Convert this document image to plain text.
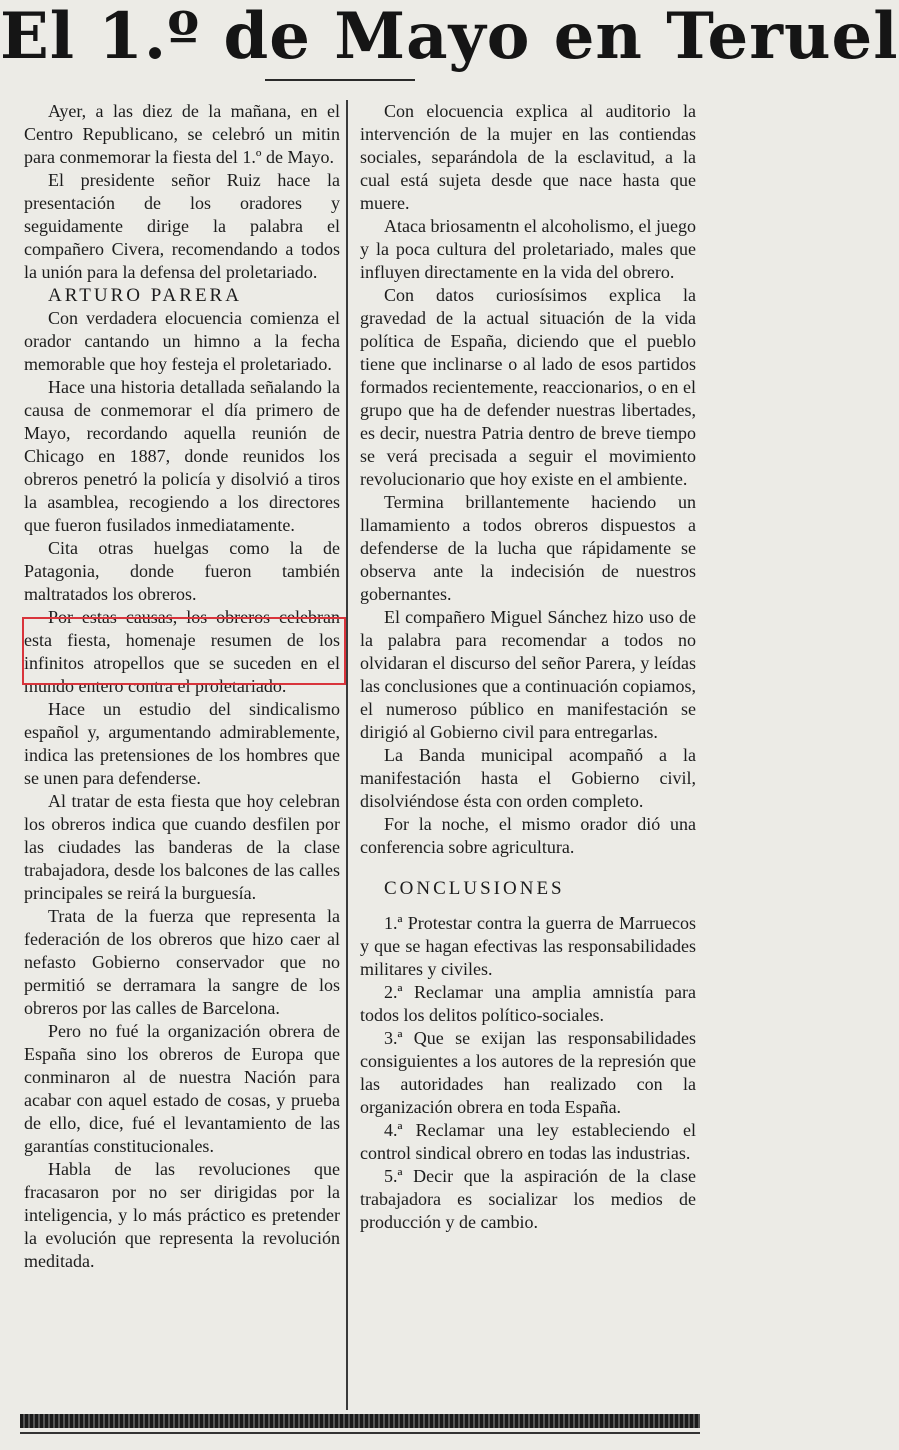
El 1.º de Mayo en Teruel

Ayer, a las diez de la mañana, en el Centro Republicano, se celebró un mitin para conmemorar la fiesta del 1.º de Mayo.

El presidente señor Ruiz hace la presentación de los oradores y seguidamente dirige la palabra el compañero Civera, recomendando a todos la unión para la defensa del proletariado.

ARTURO PARERA

Con verdadera elocuencia comienza el orador cantando un himno a la fecha memorable que hoy festeja el proletariado.

Hace una historia detallada señalando la causa de conmemorar el día primero de Mayo, recordando aquella reunión de Chicago en 1887, donde reunidos los obreros penetró la policía y disolvió a tiros la asamblea, recogiendo a los directores que fueron fusilados inmediatamente.

Cita otras huelgas como la de Patagonia, donde fueron también maltratados los obreros.

Por estas causas, los obreros celebran esta fiesta, homenaje resumen de los infinitos atropellos que se suceden en el mundo entero contra el proletariado.

Hace un estudio del sindicalismo español y, argumentando admirablemente, indica las pretensiones de los hombres que se unen para defenderse.

Al tratar de esta fiesta que hoy celebran los obreros indica que cuando desfilen por las ciudades las banderas de la clase trabajadora, desde los balcones de las calles principales se reirá la burguesía.

Trata de la fuerza que representa la federación de los obreros que hizo caer al nefasto Gobierno conservador que no permitió se derramara la sangre de los obreros por las calles de Barcelona.

Pero no fué la organización obrera de España sino los obreros de Europa que conminaron al de nuestra Nación para acabar con aquel estado de cosas, y prueba de ello, dice, fué el levantamiento de las garantías constitucionales.

Habla de las revoluciones que fracasaron por no ser dirigidas por la inteligencia, y lo más práctico es pretender la evolución que representa la revolución meditada.

Con elocuencia explica al auditorio la intervención de la mujer en las contiendas sociales, separándola de la esclavitud, a la cual está sujeta desde que nace hasta que muere.

Ataca briosamentn el alcoholismo, el juego y la poca cultura del proletariado, males que influyen directamente en la vida del obrero.

Con datos curiosísimos explica la gravedad de la actual situación de la vida política de España, diciendo que el pueblo tiene que inclinarse o al lado de esos partidos formados recientemente, reaccionarios, o en el grupo que ha de defender nuestras libertades, es decir, nuestra Patria dentro de breve tiempo se verá precisada a seguir el movimiento revolucionario que hoy existe en el ambiente.

Termina brillantemente haciendo un llamamiento a todos obreros dispuestos a defenderse de la lucha que rápidamente se observa ante la indecisión de nuestros gobernantes.

El compañero Miguel Sánchez hizo uso de la palabra para recomendar a todos no olvidaran el discurso del señor Parera, y leídas las conclusiones que a continuación copiamos, el numeroso público en manifestación se dirigió al Gobierno civil para entregarlas.

La Banda municipal acompañó a la manifestación hasta el Gobierno civil, disolviéndose ésta con orden completo.

For la noche, el mismo orador dió una conferencia sobre agricultura.

CONCLUSIONES

1.ª Protestar contra la guerra de Marruecos y que se hagan efectivas las responsabilidades militares y civiles.

2.ª Reclamar una amplia amnistía para todos los delitos político-sociales.

3.ª Que se exijan las responsabilidades consiguientes a los autores de la represión que las autoridades han realizado con la organización obrera en toda España.

4.ª Reclamar una ley estableciendo el control sindical obrero en todas las industrias.

5.ª Decir que la aspiración de la clase trabajadora es socializar los medios de producción y de cambio.
